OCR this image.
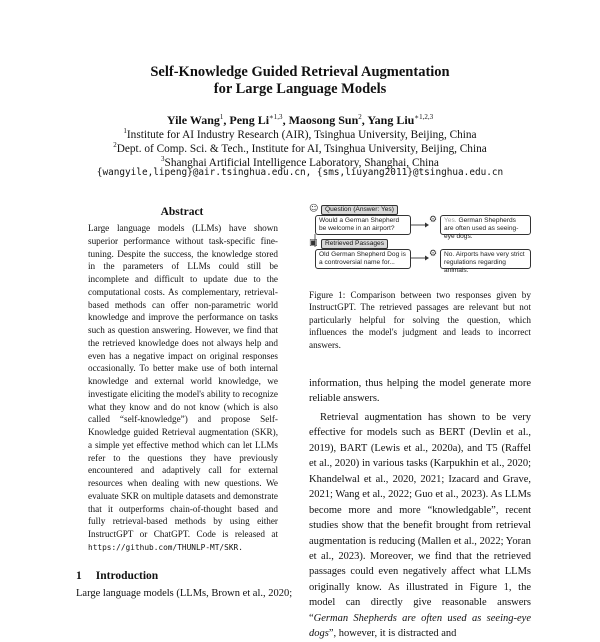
Self-Knowledge Guided Retrieval Augmentation
for Large Language Models
Yile Wang$^1$, Peng $Li^{∗1,3}$, Maosong Sun$^2$, Yang Liu$^{∗1,2,3}$
$^1$Institute for AI Industry Research (AIR), Tsinghua University, Beijing, China
$^2$Dept. of Comp. Sci. & Tech., Institute for AI, Tsinghua University, Beijing, China
$^3$Shanghai Artificial Intelligence Laboratory, Shanghai, China
{wangyile,lipeng}@air.tsinghua.edu.cn, {sms,liuyang2011}@tsinghua.edu.cn
Abstract
Large language models (LLMs) have shown superior performance without task-specific fine-tuning. Despite the success, the knowledge stored in the parameters of LLMs could still be incomplete and difficult to update due to the computational costs. As complementary, retrieval-based methods can offer non-parametric world knowledge and improve the performance on tasks such as question answering. However, we find that the retrieved knowledge does not always help and even has a negative impact on original responses occasionally. To better make use of both internal knowledge and external world knowledge, we investigate eliciting the model's ability to recognize what they know and do not know (which is also called “self-knowledge”) and propose Self-Knowledge guided Retrieval augmentation (SKR), a simple yet effective method which can let LLMs refer to the questions they have previously encountered and adaptively call for external resources when dealing with new questions. We evaluate SKR on multiple datasets and demonstrate that it outperforms chain-of-thought based and fully retrieval-based methods by using either InstructGPT or ChatGPT. Code is released at https://github.com/THUNLP-MT/SKR.
1 Introduction
Large language models (LLMs, Brown et al., 2020;
☺	Question (Answer: Yes)
Would a German Shepherd be welcome in an airport?
⚙	Yes. German Shepherds are often used as seeing-eye dogs.
▣	Retrieved Passages
Old German Shepherd Dog is a controversial name for...
⚙	No. Airports have very strict regulations regarding animals.
Figure 1: Comparison between two responses given by InstructGPT. The retrieved passages are relevant but not particularly helpful for solving the question, which influences the model's judgment and leads to incorrect answers.

information, thus helping the model generate more reliable answers.

Retrieval augmentation has shown to be very effective for models such as BERT (Devlin et al., 2019), BART (Lewis et al., 2020a), and T5 (Raffel et al., 2020) in various tasks (Karpukhin et al., 2020; Khandelwal et al., 2020, 2021; Izacard and Grave, 2021; Wang et al., 2022; Guo et al., 2023). As LLMs become more and more “knowledgable”, recent studies show that the benefit brought from retrieval augmentation is reducing (Mallen et al., 2022; Yoran et al., 2023). Moreover, we find that the retrieved passages could even negatively affect what LLMs originally know. As illustrated in Figure 1, the model can directly give reasonable answers “German Shepherds are often used as seeing-eye dogs”, however, it is distracted and
